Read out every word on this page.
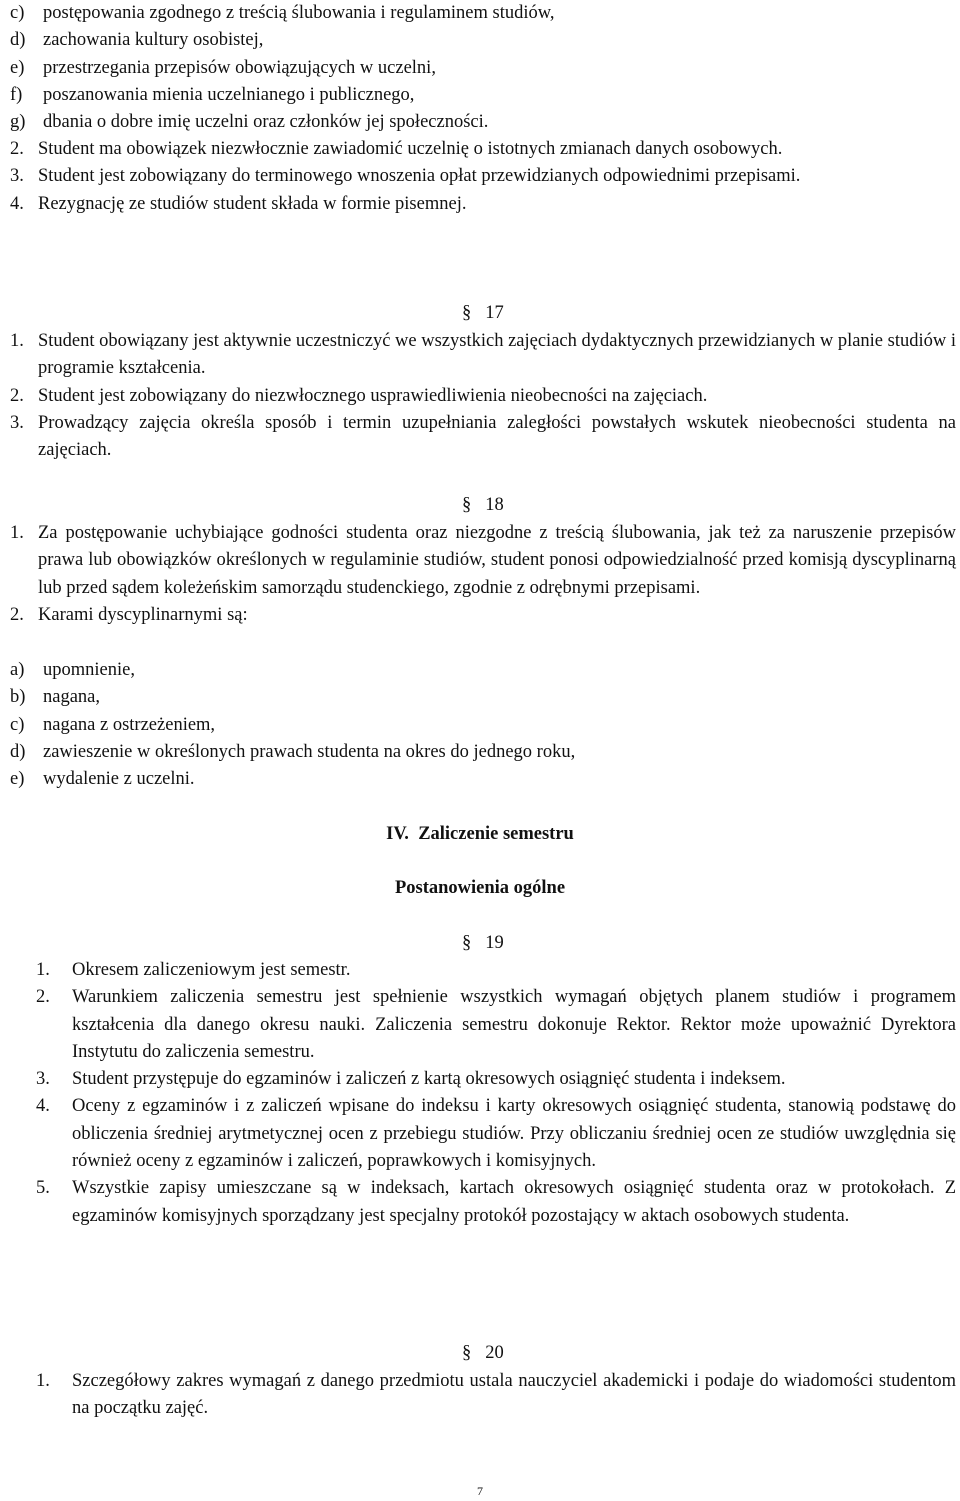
c)	postępowania zgodnego z treścią ślubowania i regulaminem studiów,
d) zachowania kultury osobistej,
e)	przestrzegania przepisów obowiązujących w uczelni,
f)	poszanowania mienia uczelnianego i publicznego,
g) dbania o dobre imię uczelni oraz członków jej społeczności.
2. Student ma obowiązek niezwłocznie zawiadomić uczelnię o istotnych zmianach danych osobowych.
3. Student jest zobowiązany do terminowego wnoszenia opłat przewidzianych odpowiednimi przepisami.
4. Rezygnację ze studiów student składa w formie pisemnej.
§ 17
1. Student obowiązany jest aktywnie uczestniczyć we wszystkich zajęciach dydaktycznych przewidzianych w planie studiów i programie kształcenia.
2. Student jest zobowiązany do niezwłocznego usprawiedliwienia nieobecności na zajęciach.
3. Prowadzący zajęcia określa sposób i termin uzupełniania zaległości powstałych wskutek nieobecności studenta na zajęciach.
§ 18
1. Za postępowanie uchybiające godności studenta oraz niezgodne z treścią ślubowania, jak też za naruszenie przepisów prawa lub obowiązków określonych w regulaminie studiów, student ponosi odpowiedzialność przed komisją dyscyplinarną lub przed sądem koleżeńskim samorządu studenckiego, zgodnie z odrębnymi przepisami.
2. Karami dyscyplinarnymi są:
a)	upomnienie,
b) nagana,
c)	nagana z ostrzeżeniem,
d) zawieszenie w określonych prawach studenta na okres do jednego roku,
e)	wydalenie z uczelni.
IV. Zaliczenie semestru
Postanowienia ogólne
§ 19
1.	Okresem zaliczeniowym jest semestr.
2.	Warunkiem zaliczenia semestru jest spełnienie wszystkich wymagań objętych planem studiów i programem kształcenia dla danego okresu nauki. Zaliczenia semestru dokonuje Rektor. Rektor może upoważnić Dyrektora Instytutu do zaliczenia semestru.
3.	Student przystępuje do egzaminów i zaliczeń z kartą okresowych osiągnięć studenta i indeksem.
4.	Oceny z egzaminów i z zaliczeń wpisane do indeksu i karty okresowych osiągnięć studenta, stanowią podstawę do obliczenia średniej arytmetycznej ocen z przebiegu studiów. Przy obliczaniu średniej ocen ze studiów uwzględnia się również oceny z egzaminów i zaliczeń, poprawkowych i komisyjnych.
5.	Wszystkie zapisy umieszczane są w indeksach, kartach okresowych osiągnięć studenta oraz w protokołach. Z egzaminów komisyjnych sporządzany jest specjalny protokół pozostający w aktach osobowych studenta.
§ 20
1.	Szczegółowy zakres wymagań z danego przedmiotu ustala nauczyciel akademicki i podaje do wiadomości studentom na początku zajęć.
7
